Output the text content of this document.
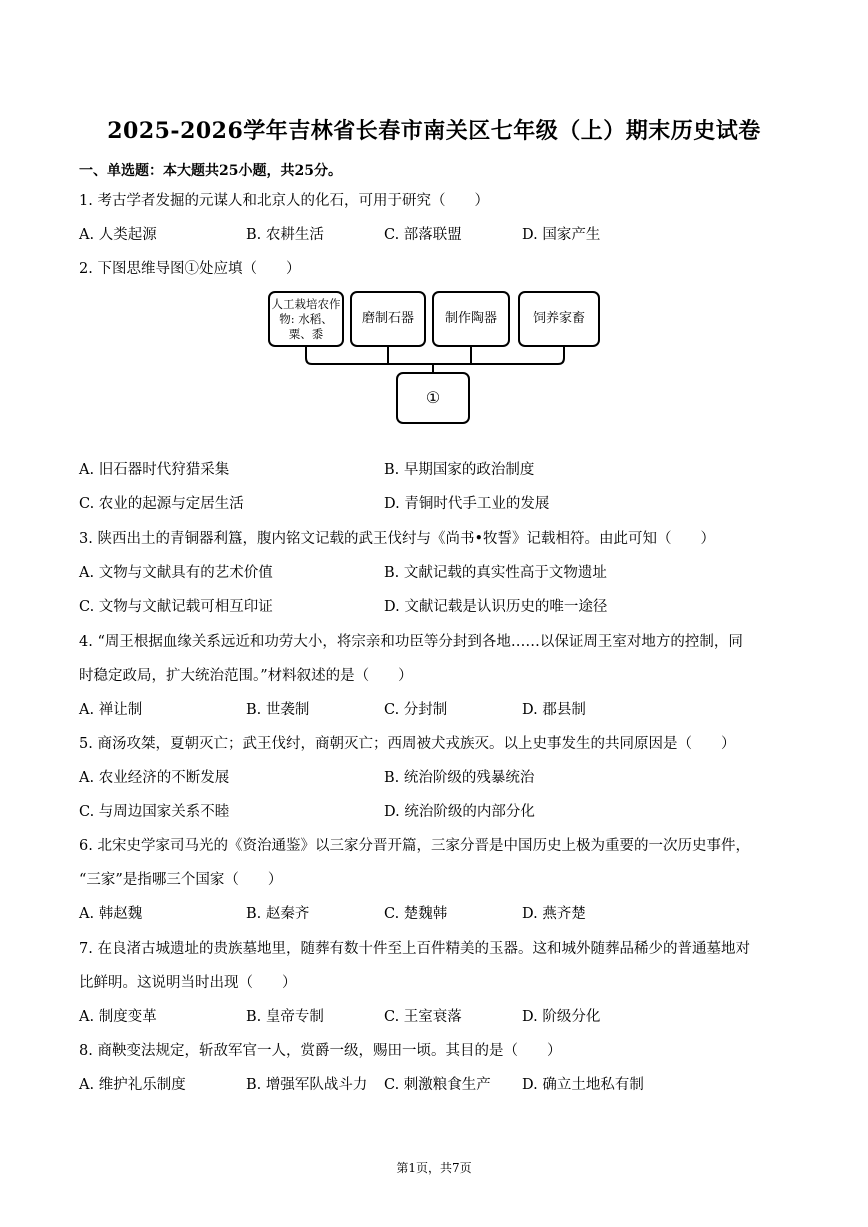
2025-2026学年吉林省长春市南关区七年级（上）期末历史试卷
一、单选题：本大题共25小题，共25分。
1. 考古学者发掘的元谋人和北京人的化石，可用于研究（　　）
A. 人类起源	B. 农耕生活	C. 部落联盟	D. 国家产生
2. 下图思维导图①处应填（　　）
人工栽培农作物: 水稻、粟、黍
磨制石器	制作陶器	饲养家畜
①
A. 旧石器时代狩猎采集	B. 早期国家的政治制度
C. 农业的起源与定居生活	D. 青铜时代手工业的发展
3. 陕西出土的青铜器利簋，腹内铭文记载的武王伐纣与《尚书•牧誓》记载相符。由此可知（　　）
A. 文物与文献具有的艺术价值	B. 文献记载的真实性高于文物遗址
C. 文物与文献记载可相互印证	D. 文献记载是认识历史的唯一途径
4. “周王根据血缘关系远近和功劳大小，将宗亲和功臣等分封到各地……以保证周王室对地方的控制，同
时稳定政局，扩大统治范围。”材料叙述的是（　　）
A. 禅让制	B. 世袭制	C. 分封制	D. 郡县制
5. 商汤攻桀，夏朝灭亡；武王伐纣，商朝灭亡；西周被犬戎族灭。以上史事发生的共同原因是（　　）
A. 农业经济的不断发展	B. 统治阶级的残暴统治
C. 与周边国家关系不睦	D. 统治阶级的内部分化
6. 北宋史学家司马光的《资治通鉴》以三家分晋开篇，三家分晋是中国历史上极为重要的一次历史事件，
“三家”是指哪三个国家（　　）
A. 韩赵魏	B. 赵秦齐	C. 楚魏韩	D. 燕齐楚
7. 在良渚古城遗址的贵族墓地里，随葬有数十件至上百件精美的玉器。这和城外随葬品稀少的普通墓地对
比鲜明。这说明当时出现（　　）
A. 制度变革	B. 皇帝专制	C. 王室衰落	D. 阶级分化
8. 商鞅变法规定，斩敌军官一人，赏爵一级，赐田一顷。其目的是（　　）
A. 维护礼乐制度	B. 增强军队战斗力 C. 刺激粮食生产 D. 确立土地私有制
第1页，共7页
